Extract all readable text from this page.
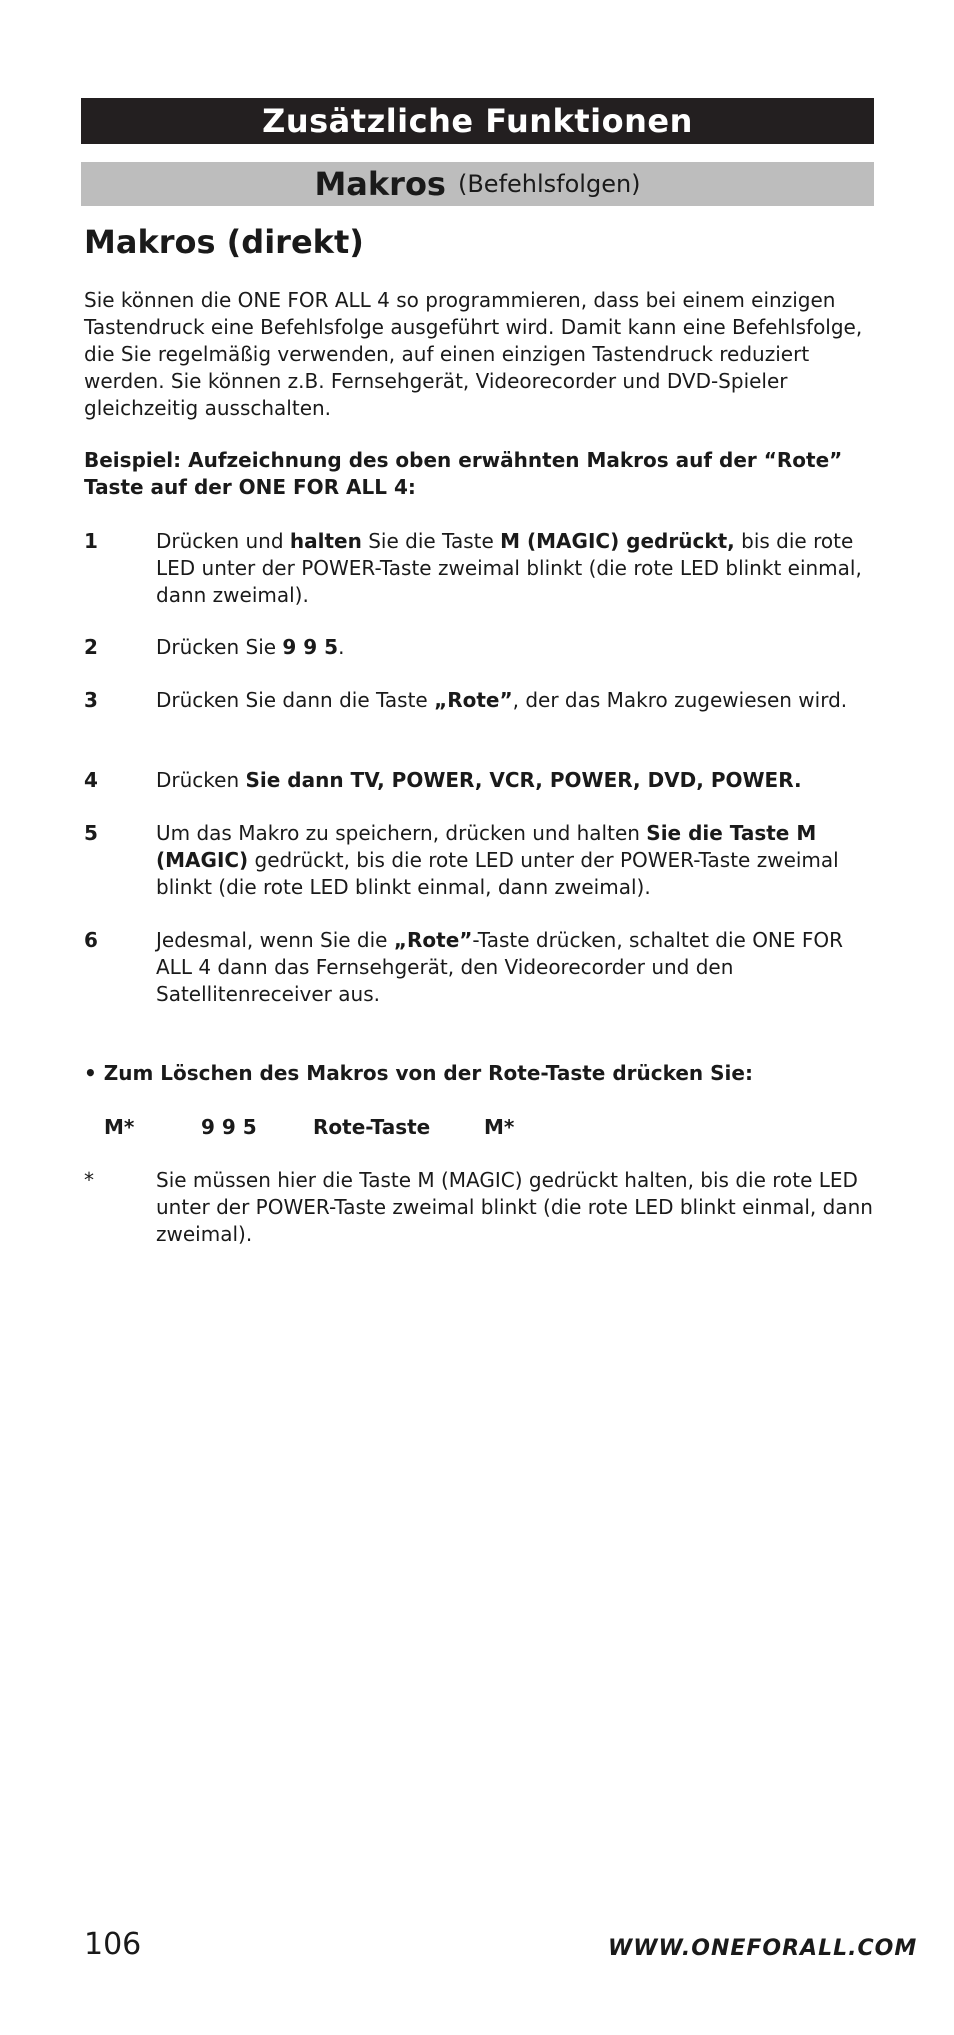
Zusätzliche Funktionen
Makros (Befehlsfolgen)
Makros (direkt)
Sie können die ONE FOR ALL 4 so programmieren, dass bei einem einzigen Tastendruck eine Befehlsfolge ausgeführt wird. Damit kann eine Befehlsfolge, die Sie regelmäßig verwenden, auf einen einzigen Tastendruck reduziert werden. Sie können z.B. Fernsehgerät, Videorecorder und DVD-Spieler gleichzeitig ausschalten.
Beispiel: Aufzeichnung des oben erwähnten Makros auf der “Rote” Taste auf der ONE FOR ALL 4:
1	Drücken und halten Sie die Taste M (MAGIC) gedrückt, bis die rote LED unter der POWER-Taste zweimal blinkt (die rote LED blinkt einmal, dann zweimal).
2	Drücken Sie 9 9 5.
3	Drücken Sie dann die Taste „Rote”, der das Makro zugewiesen wird.
4	Drücken Sie dann TV, POWER, VCR, POWER, DVD, POWER.
5	Um das Makro zu speichern, drücken und halten Sie die Taste M (MAGIC) gedrückt, bis die rote LED unter der POWER-Taste zweimal blinkt (die rote LED blinkt einmal, dann zweimal).
6	Jedesmal, wenn Sie die „Rote”-Taste drücken, schaltet die ONE FOR ALL 4 dann das Fernsehgerät, den Videorecorder und den Satellitenreceiver aus.
• Zum Löschen des Makros von der Rote-Taste drücken Sie:
M*	9 9 5	Rote-Taste	M*
*	Sie müssen hier die Taste M (MAGIC) gedrückt halten, bis die rote LED unter der POWER-Taste zweimal blinkt (die rote LED blinkt einmal, dann zweimal).
106	WWW.ONEFORALL.COM
